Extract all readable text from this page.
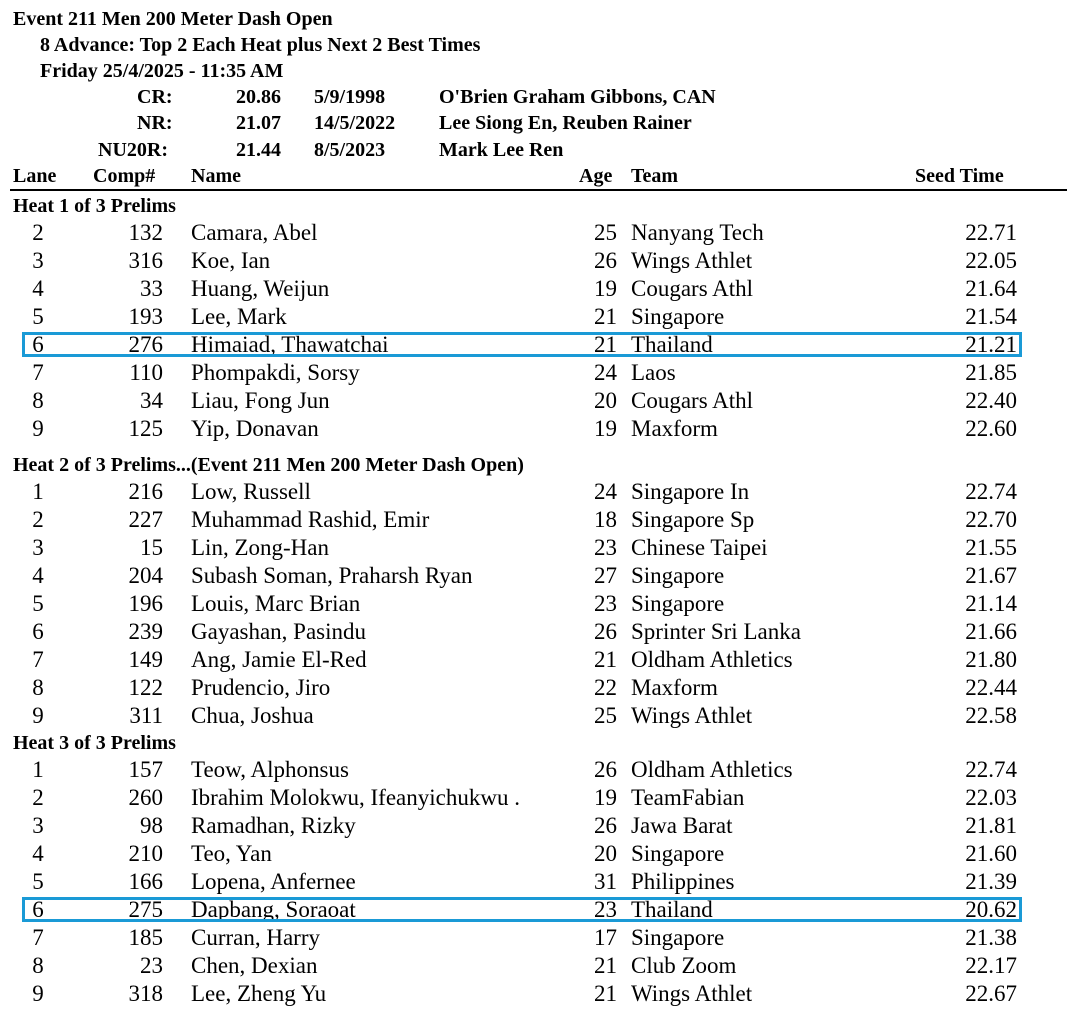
Event 211 Men 200 Meter Dash Open
8 Advance: Top 2 Each Heat plus Next 2 Best Times
Friday 25/4/2025 - 11:35 AM
CR:	20.86 5/9/1998	O'Brien Graham Gibbons, CAN
NR:	21.07 14/5/2022 Lee Siong En, Reuben Rainer
NU20R:	21.44 8/5/2023	Mark Lee Ren
Lane Comp# Name	Age Team	Seed Time
Heat 1 of 3 Prelims
2	132 Camara, Abel	25 Nanyang Tech	22.71
3	316 Koe, Ian	26 Wings Athlet	22.05
4	33 Huang, Weijun	19 Cougars Athl	21.64
5	193 Lee, Mark	21 Singapore	21.54
6	276 Himaiad, Thawatchai	21 Thailand	21.21
7	110 Phompakdi, Sorsy	24 Laos	21.85
8	34 Liau, Fong Jun	20 Cougars Athl	22.40
9	125 Yip, Donavan	19 Maxform	22.60
Heat 2 of 3 Prelims...(Event 211 Men 200 Meter Dash Open)
1	216 Low, Russell	24 Singapore In	22.74
2	227 Muhammad Rashid, Emir	18 Singapore Sp	22.70
3	15 Lin, Zong-Han	23 Chinese Taipei	21.55
4	204 Subash Soman, Praharsh Ryan	27 Singapore	21.67
5	196 Louis, Marc Brian	23 Singapore	21.14
6	239 Gayashan, Pasindu	26 Sprinter Sri Lanka	21.66
7	149 Ang, Jamie El-Red	21 Oldham Athletics	21.80
8	122 Prudencio, Jiro	22 Maxform	22.44
9	311 Chua, Joshua	25 Wings Athlet	22.58
Heat 3 of 3 Prelims
1	157 Teow, Alphonsus	26 Oldham Athletics	22.74
2	260 Ibrahim Molokwu, Ifeanyichukwu .	19 TeamFabian	22.03
3	98 Ramadhan, Rizky	26 Jawa Barat	21.81
4	210 Teo, Yan	20 Singapore	21.60
5	166 Lopena, Anfernee	31 Philippines	21.39
6	275 Dapbang, Soraoat	23 Thailand	20.62
7	185 Curran, Harry	17 Singapore	21.38
8	23 Chen, Dexian	21 Club Zoom	22.17
9	318 Lee, Zheng Yu	21 Wings Athlet	22.67
